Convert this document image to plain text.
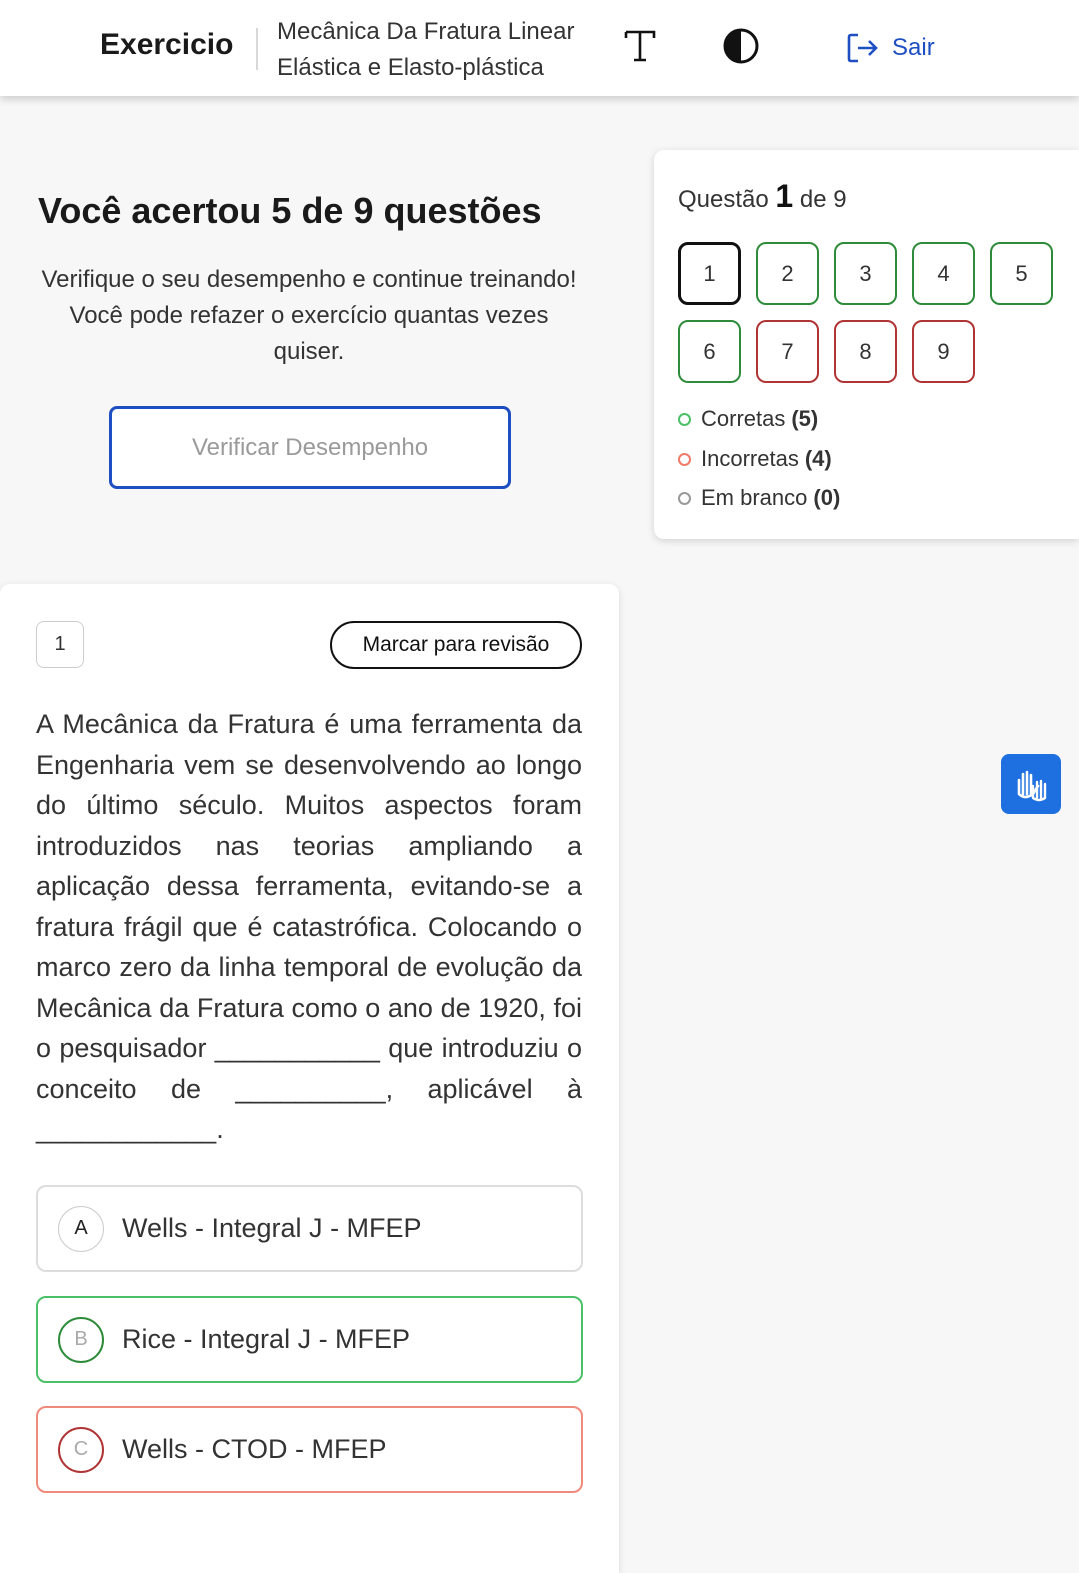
Exercicio Mecânica Da Fratura Linear
Elástica e Elasto-plástica
Sair
Você acertou 5 de 9 questões
Verifique o seu desempenho e continue treinando! Você pode refazer o exercício quantas vezes quiser.
Verificar Desempenho
Questão 1 de 9
1	2	3	4	5
6	7	8	9
Corretas (5)
Incorretas (4)
Em branco (0)
1	Marcar para revisão
A Mecânica da Fratura é uma ferramenta da Engenharia vem se desenvolvendo ao longo do último século. Muitos aspectos foram introduzidos nas teorias ampliando a aplicação dessa ferramenta, evitando-se a fratura frágil que é catastrófica. Colocando o marco zero da linha temporal de evolução da Mecânica da Fratura como o ano de 1920, foi o pesquisador ___________ que introduziu o conceito de __________, aplicável à ____________.
A	Wells - Integral J - MFEP
B	Rice - Integral J - MFEP
C	Wells - CTOD - MFEP
